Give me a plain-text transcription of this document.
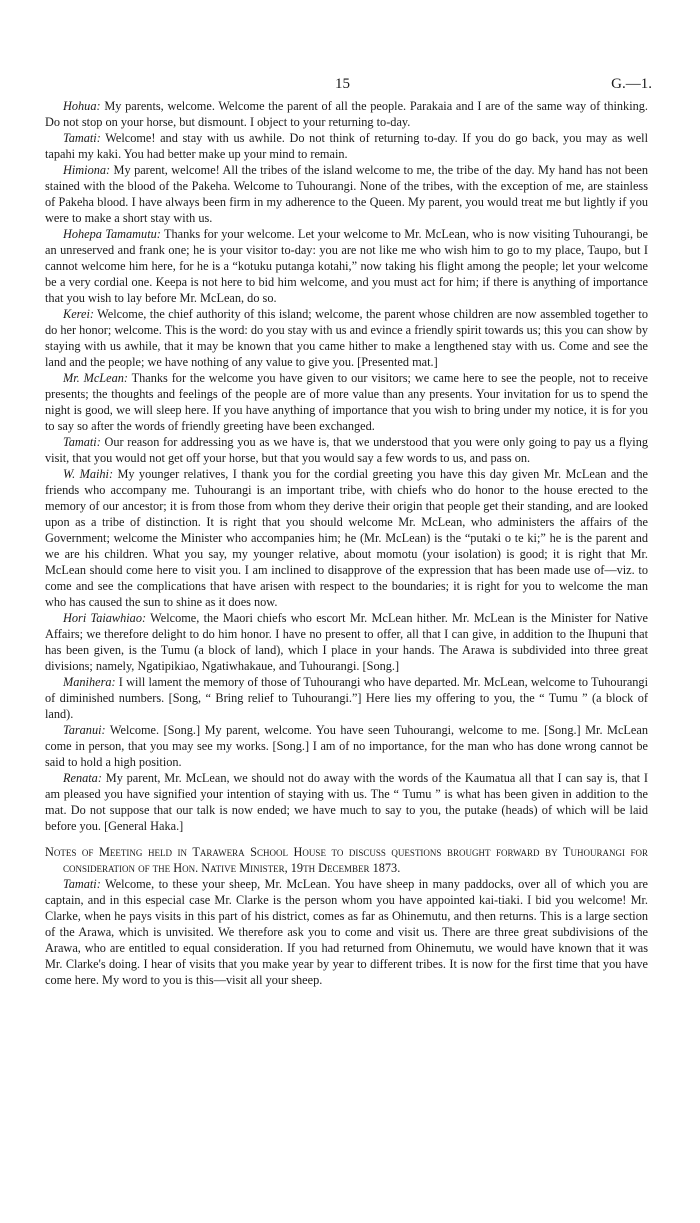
15	G.—1.

Hohua: My parents, welcome. Welcome the parent of all the people. Parakaia and I are of the same way of thinking. Do not stop on your horse, but dismount. I object to your returning to-day.

Tamati: Welcome! and stay with us awhile. Do not think of returning to-day. If you do go back, you may as well tapahi my kaki. You had better make up your mind to remain.

Himiona: My parent, welcome! All the tribes of the island welcome to me, the tribe of the day. My hand has not been stained with the blood of the Pakeha. Welcome to Tuhourangi. None of the tribes, with the exception of me, are stainless of Pakeha blood. I have always been firm in my adherence to the Queen. My parent, you would treat me but lightly if you were to make a short stay with us.

Hohepa Tamamutu: Thanks for your welcome. Let your welcome to Mr. McLean, who is now visiting Tuhourangi, be an unreserved and frank one; he is your visitor to-day: you are not like me who wish him to go to my place, Taupo, but I cannot welcome him here, for he is a “kotuku putanga kotahi,” now taking his flight among the people; let your welcome be a very cordial one. Keepa is not here to bid him welcome, and you must act for him; if there is anything of importance that you wish to lay before Mr. McLean, do so.

Kerei: Welcome, the chief authority of this island; welcome, the parent whose children are now assembled together to do her honor; welcome. This is the word: do you stay with us and evince a friendly spirit towards us; this you can show by staying with us awhile, that it may be known that you came hither to make a lengthened stay with us. Come and see the land and the people; we have nothing of any value to give you. [Presented mat.]

Mr. McLean: Thanks for the welcome you have given to our visitors; we came here to see the people, not to receive presents; the thoughts and feelings of the people are of more value than any presents. Your invitation for us to spend the night is good, we will sleep here. If you have anything of importance that you wish to bring under my notice, it is for you to say so after the words of friendly greeting have been exchanged.

Tamati: Our reason for addressing you as we have is, that we understood that you were only going to pay us a flying visit, that you would not get off your horse, but that you would say a few words to us, and pass on.

W. Maihi: My younger relatives, I thank you for the cordial greeting you have this day given Mr. McLean and the friends who accompany me. Tuhourangi is an important tribe, with chiefs who do honor to the house erected to the memory of our ancestor; it is from those from whom they derive their origin that people get their standing, and are looked upon as a tribe of distinction. It is right that you should welcome Mr. McLean, who administers the affairs of the Government; welcome the Minister who accompanies him; he (Mr. McLean) is the “putaki o te ki;” he is the parent and we are his children. What you say, my younger relative, about momotu (your isolation) is good; it is right that Mr. McLean should come here to visit you. I am inclined to disapprove of the expression that has been made use of—viz. to come and see the complications that have arisen with respect to the boundaries; it is right for you to welcome the man who has caused the sun to shine as it does now.

Hori Taiawhiao: Welcome, the Maori chiefs who escort Mr. McLean hither. Mr. McLean is the Minister for Native Affairs; we therefore delight to do him honor. I have no present to offer, all that I can give, in addition to the Ihupuni that has been given, is the Tumu (a block of land), which I place in your hands. The Arawa is subdivided into three great divisions; namely, Ngatipikiao, Ngatiwhakaue, and Tuhourangi. [Song.]

Manihera: I will lament the memory of those of Tuhourangi who have departed. Mr. McLean, welcome to Tuhourangi of diminished numbers. [Song, “ Bring relief to Tuhourangi.”] Here lies my offering to you, the “ Tumu ” (a block of land).

Taranui: Welcome. [Song.] My parent, welcome. You have seen Tuhourangi, welcome to me. [Song.] Mr. McLean come in person, that you may see my works. [Song.] I am of no importance, for the man who has done wrong cannot be said to hold a high position.

Renata: My parent, Mr. McLean, we should not do away with the words of the Kaumatua all that I can say is, that I am pleased you have signified your intention of staying with us. The “ Tumu ” is what has been given in addition to the mat. Do not suppose that our talk is now ended; we have much to say to you, the putake (heads) of which will be laid before you. [General Haka.]

Notes of Meeting held in Tarawera School House to discuss questions brought forward by Tuhourangi for consideration of the Hon. Native Minister, 19th December 1873.

Tamati: Welcome, to these your sheep, Mr. McLean. You have sheep in many paddocks, over all of which you are captain, and in this especial case Mr. Clarke is the person whom you have appointed kai-tiaki. I bid you welcome! Mr. Clarke, when he pays visits in this part of his district, comes as far as Ohinemutu, and then returns. This is a large section of the Arawa, which is unvisited. We therefore ask you to come and visit us. There are three great subdivisions of the Arawa, who are entitled to equal consideration. If you had returned from Ohinemutu, we would have known that it was Mr. Clarke's doing. I hear of visits that you make year by year to different tribes. It is now for the first time that you have come here. My word to you is this—visit all your sheep.
